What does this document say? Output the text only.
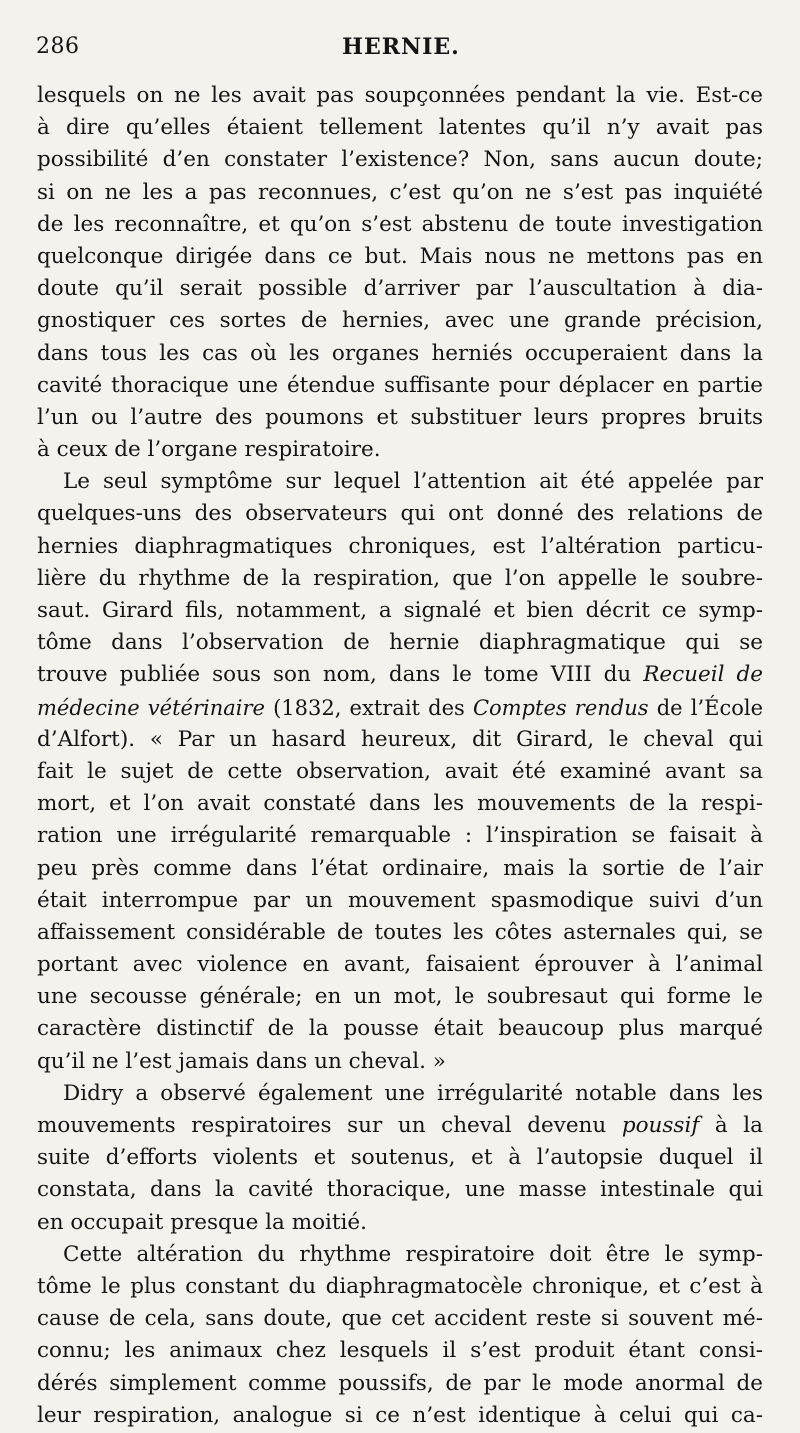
286	HERNIE.
lesquels on ne les avait pas soupçonnées pendant la vie. Est-ce
à dire qu’elles étaient tellement latentes qu’il n’y avait pas
possibilité d’en constater l’existence? Non, sans aucun doute;
si on ne les a pas reconnues, c’est qu’on ne s’est pas inquiété
de les reconnaître, et qu’on s’est abstenu de toute investigation
quelconque dirigée dans ce but. Mais nous ne mettons pas en
doute qu’il serait possible d’arriver par l’auscultation à dia-
gnostiquer ces sortes de hernies, avec une grande précision,
dans tous les cas où les organes herniés occuperaient dans la
cavité thoracique une étendue suffisante pour déplacer en partie
l’un ou l’autre des poumons et substituer leurs propres bruits
à ceux de l’organe respiratoire.
Le seul symptôme sur lequel l’attention ait été appelée par
quelques-uns des observateurs qui ont donné des relations de
hernies diaphragmatiques chroniques, est l’altération particu-
lière du rhythme de la respiration, que l’on appelle le soubre-
saut. Girard fils, notamment, a signalé et bien décrit ce symp-
tôme dans l’observation de hernie diaphragmatique qui se
trouve publiée sous son nom, dans le tome VIII du Recueil de
médecine vétérinaire (1832, extrait des Comptes rendus de l’École
d’Alfort). « Par un hasard heureux, dit Girard, le cheval qui
fait le sujet de cette observation, avait été examiné avant sa
mort, et l’on avait constaté dans les mouvements de la respi-
ration une irrégularité remarquable : l’inspiration se faisait à
peu près comme dans l’état ordinaire, mais la sortie de l’air
était interrompue par un mouvement spasmodique suivi d’un
affaissement considérable de toutes les côtes asternales qui, se
portant avec violence en avant, faisaient éprouver à l’animal
une secousse générale; en un mot, le soubresaut qui forme le
caractère distinctif de la pousse était beaucoup plus marqué
qu’il ne l’est jamais dans un cheval. »
Didry a observé également une irrégularité notable dans les
mouvements respiratoires sur un cheval devenu poussif à la
suite d’efforts violents et soutenus, et à l’autopsie duquel il
constata, dans la cavité thoracique, une masse intestinale qui
en occupait presque la moitié.
Cette altération du rhythme respiratoire doit être le symp-
tôme le plus constant du diaphragmatocèle chronique, et c’est à
cause de cela, sans doute, que cet accident reste si souvent mé-
connu; les animaux chez lesquels il s’est produit étant consi-
dérés simplement comme poussifs, de par le mode anormal de
leur respiration, analogue si ce n’est identique à celui qui ca-
